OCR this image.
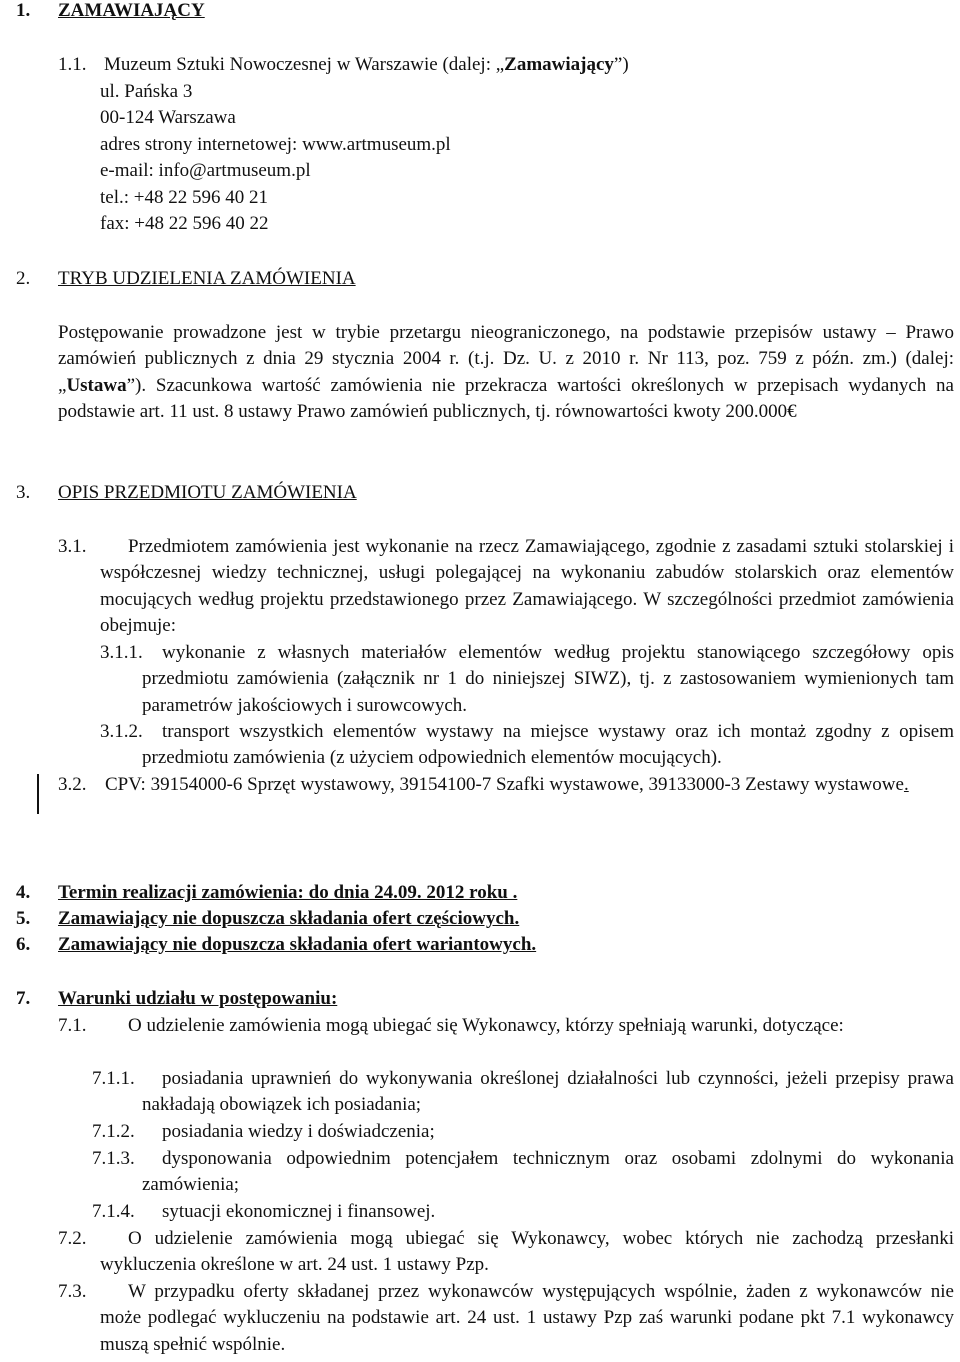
1. ZAMAWIAJĄCY
1.1. Muzeum Sztuki Nowoczesnej w Warszawie (dalej: „Zamawiający”)
ul. Pańska 3
00-124 Warszawa
adres strony internetowej: www.artmuseum.pl
e-mail: info@artmuseum.pl
tel.: +48 22 596 40 21
fax: +48 22 596 40 22
2. TRYB UDZIELENIA ZAMÓWIENIA
Postępowanie prowadzone jest w trybie przetargu nieograniczonego, na podstawie przepisów ustawy – Prawo zamówień publicznych z dnia 29 stycznia 2004 r. (t.j. Dz. U. z 2010 r. Nr 113, poz. 759 z późn. zm.) (dalej: „Ustawa”). Szacunkowa wartość zamówienia nie przekracza wartości określonych w przepisach wydanych na podstawie art. 11 ust. 8 ustawy Prawo zamówień publicznych, tj. równowartości kwoty 200.000€
3. OPIS PRZEDMIOTU ZAMÓWIENIA
3.1.	Przedmiotem zamówienia jest wykonanie na rzecz Zamawiającego, zgodnie z zasadami sztuki stolarskiej i współczesnej wiedzy technicznej, usługi polegającej na wykonaniu zabudów stolarskich oraz elementów mocujących według projektu przedstawionego przez Zamawiającego. W szczególności przedmiot zamówienia obejmuje:
3.1.1.	wykonanie z własnych materiałów elementów według projektu stanowiącego szczegółowy opis przedmiotu zamówienia (załącznik nr 1 do niniejszej SIWZ), tj. z zastosowaniem wymienionych tam parametrów jakościowych i surowcowych.
3.1.2.	transport wszystkich elementów wystawy na miejsce wystawy oraz ich montaż zgodny z opisem przedmiotu zamówienia (z użyciem odpowiednich elementów mocujących).
3.2. CPV: 39154000-6 Sprzęt wystawowy, 39154100-7 Szafki wystawowe, 39133000-3 Zestawy wystawowe.
4. Termin realizacji zamówienia: do dnia 24.09. 2012 roku .
5. Zamawiający nie dopuszcza składania ofert częściowych.
6. Zamawiający nie dopuszcza składania ofert wariantowych.
7. Warunki udziału w postępowaniu:
7.1.	O udzielenie zamówienia mogą ubiegać się Wykonawcy, którzy spełniają warunki, dotyczące:
7.1.1.	posiadania uprawnień do wykonywania określonej działalności lub czynności, jeżeli przepisy prawa nakładają obowiązek ich posiadania;
7.1.2. posiadania wiedzy i doświadczenia;
7.1.3.	dysponowania odpowiednim potencjałem technicznym oraz osobami zdolnymi do wykonania zamówienia;
7.1.4. sytuacji ekonomicznej i finansowej.
7.2.	O udzielenie zamówienia mogą ubiegać się Wykonawcy, wobec których nie zachodzą przesłanki wykluczenia określone w art. 24 ust. 1 ustawy Pzp.
7.3.	W przypadku oferty składanej przez wykonawców występujących wspólnie, żaden z wykonawców nie może podlegać wykluczeniu na podstawie art. 24 ust. 1 ustawy Pzp zaś warunki podane pkt 7.1 wykonawcy muszą spełnić wspólnie.
